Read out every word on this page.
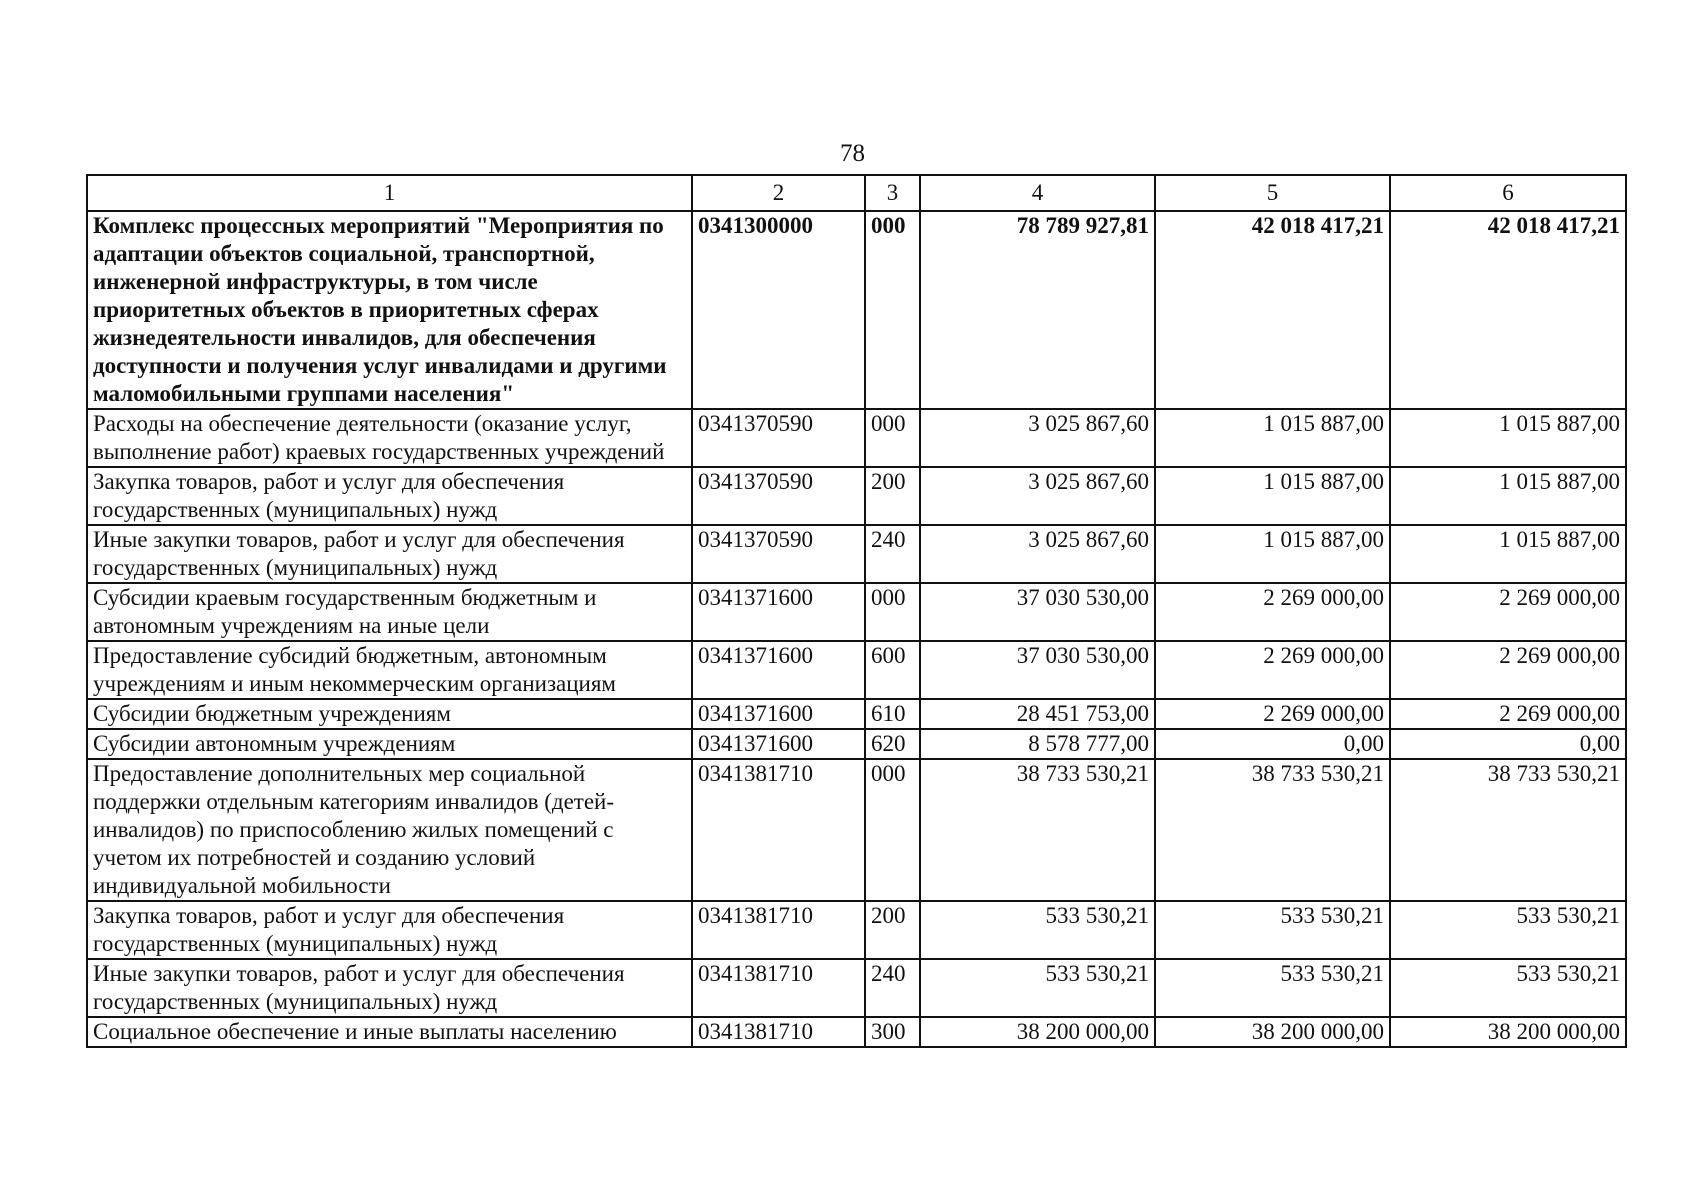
78
1	2	3	4	5	6
Комплекс процессных мероприятий "Мероприятия по адаптации объектов социальной, транспортной, инженерной инфраструктуры, в том числе приоритетных объектов в приоритетных сферах жизнедеятельности инвалидов, для обеспечения доступности и получения услуг инвалидами и другими маломобильными группами населения"	0341300000	000	78 789 927,81	42 018 417,21	42 018 417,21
Расходы на обеспечение деятельности (оказание услуг, выполнение работ) краевых государственных учреждений	0341370590	000	3 025 867,60	1 015 887,00	1 015 887,00
Закупка товаров, работ и услуг для обеспечения государственных (муниципальных) нужд	0341370590	200	3 025 867,60	1 015 887,00	1 015 887,00
Иные закупки товаров, работ и услуг для обеспечения государственных (муниципальных) нужд	0341370590	240	3 025 867,60	1 015 887,00	1 015 887,00
Субсидии краевым государственным бюджетным и автономным учреждениям на иные цели	0341371600	000	37 030 530,00	2 269 000,00	2 269 000,00
Предоставление субсидий бюджетным, автономным учреждениям и иным некоммерческим организациям	0341371600	600	37 030 530,00	2 269 000,00	2 269 000,00
Субсидии бюджетным учреждениям	0341371600	610	28 451 753,00	2 269 000,00	2 269 000,00
Субсидии автономным учреждениям	0341371600	620	8 578 777,00	0,00	0,00
Предоставление дополнительных мер социальной поддержки отдельным категориям инвалидов (детей-инвалидов) по приспособлению жилых помещений с учетом их потребностей и созданию условий индивидуальной мобильности	0341381710	000	38 733 530,21	38 733 530,21	38 733 530,21
Закупка товаров, работ и услуг для обеспечения государственных (муниципальных) нужд	0341381710	200	533 530,21	533 530,21	533 530,21
Иные закупки товаров, работ и услуг для обеспечения государственных (муниципальных) нужд	0341381710	240	533 530,21	533 530,21	533 530,21
Социальное обеспечение и иные выплаты населению	0341381710	300	38 200 000,00	38 200 000,00	38 200 000,00
